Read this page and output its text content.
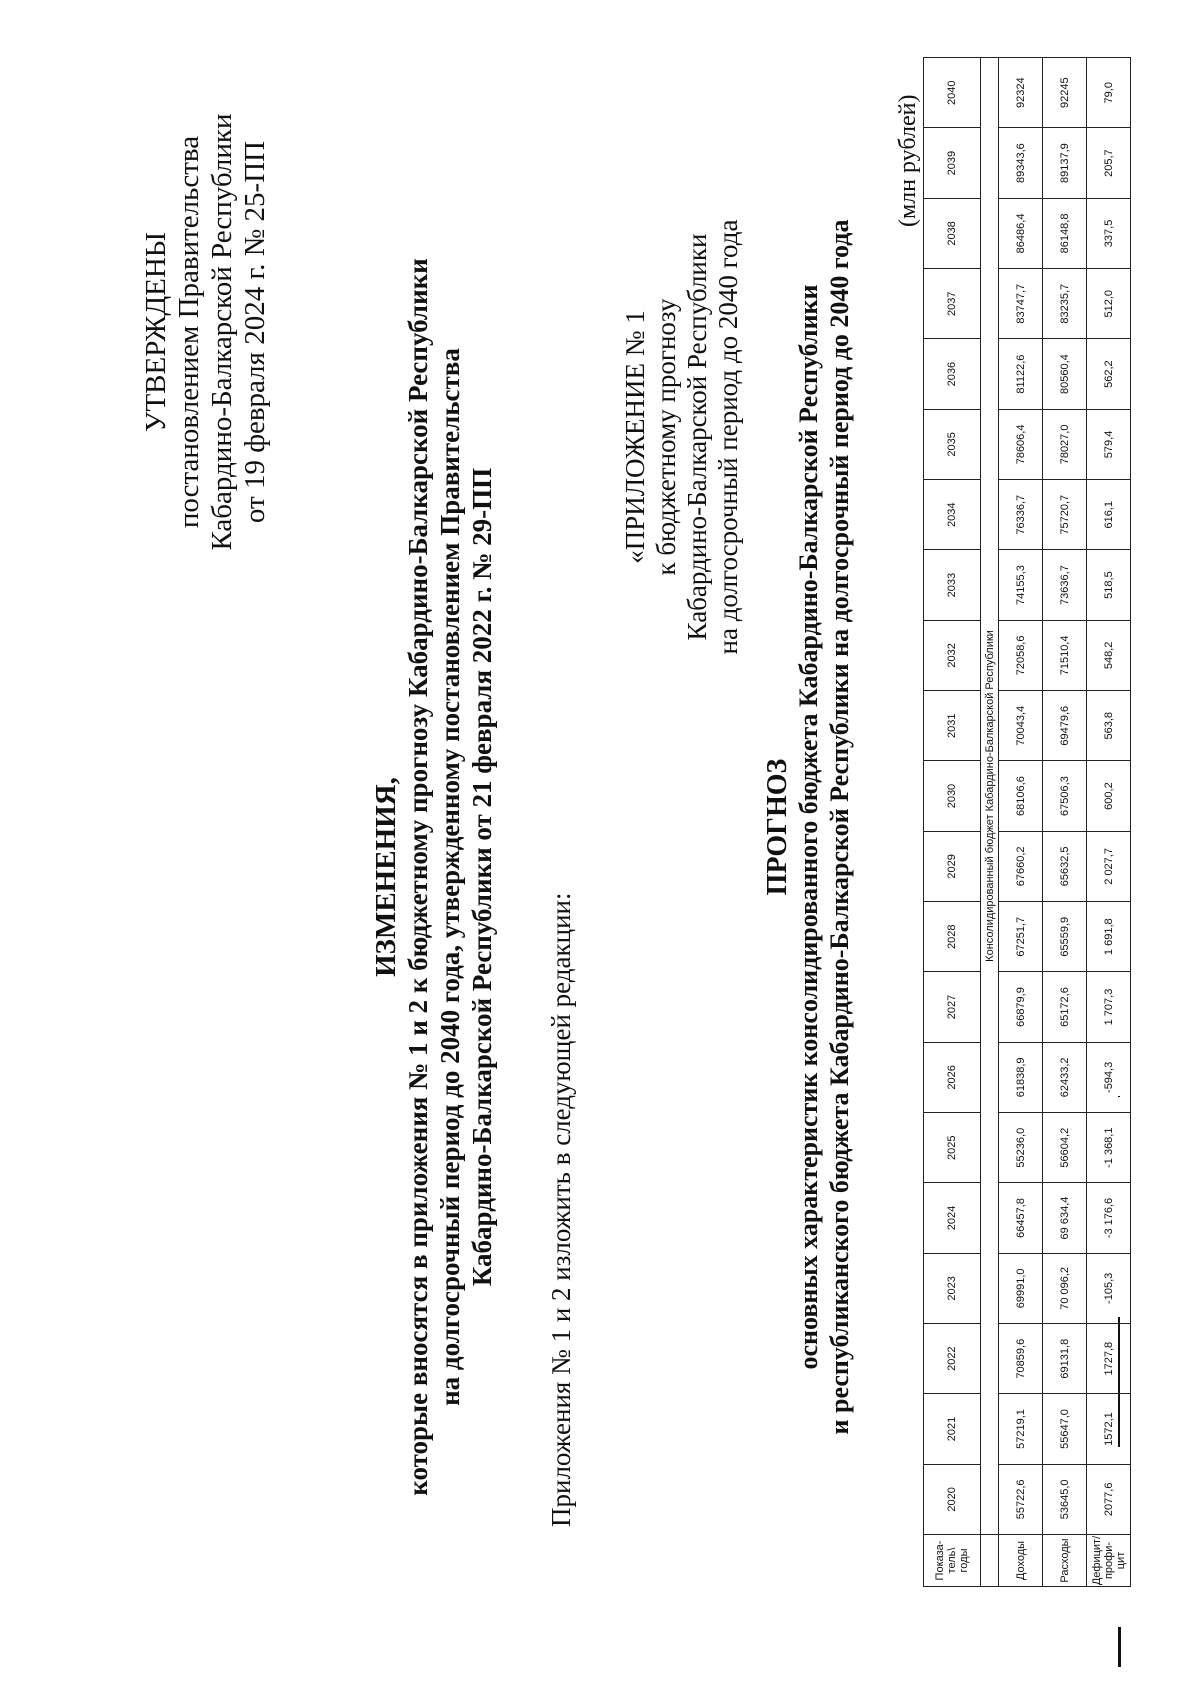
УТВЕРЖДЕНЫ постановлением Правительства Кабардино-Балкарской Республики от 19 февраля 2024 г. № 25-ПП
ИЗМЕНЕНИЯ, которые вносятся в приложения № 1 и 2 к бюджетному прогнозу Кабардино-Балкарской Республики на долгосрочный период до 2040 года, утвержденному постановлением Правительства Кабардино-Балкарской Республики от 21 февраля 2022 г. № 29-ПП Приложения № 1 и 2 изложить в следующей редакции:
«ПРИЛОЖЕНИЕ № 1 к бюджетному прогнозу Кабардино-Балкарской Республики на долгосрочный период до 2040 года
ПРОГНОЗ основных характеристик консолидированного бюджета Кабардино-Балкарской Республики и республиканского бюджета Кабардино-Балкарской Республики на долгосрочный период до 2040 года
(млн рублей)
Показа-тель\ годы	2020	2021	2022	2023	2024	2025	2026	2027	2028	2029	2030	2031	2032	2033	2034	2035	2036	2037	2038	2039	2040
	Консолидированный бюджет Кабардино-Балкарской Республики																				
Доходы	55722,6	57219,1	70859,6	69991,0	66457,8	55236,0	61838,9	66879,9	67251,7	67660,2	68106,6	70043,4	72058,6	74155,3	76336,7	78606,4	81122,6	83747,7	86486,4	89343,6	92324
Расходы	53645,0	55647,0	69131,8	70 096,2	69 634,4	56604,2	62433,2	65172,6	65559,9	65632,5	67506,3	69479,6	71510,4	73636,7	75720,7	78027,0	80560,4	83235,7	86148,8	89137,9	92245
Дефицит/ профи-цит	2077,6	1572,1	1727,8	-105,3	-3 176,6	-1 368,1	-594,3	1 707,3	1 691,8	2 027,7	600,2	563,8	548,2	518,5	616,1	579,4	562,2	512,0	337,5	205,7	79,0
